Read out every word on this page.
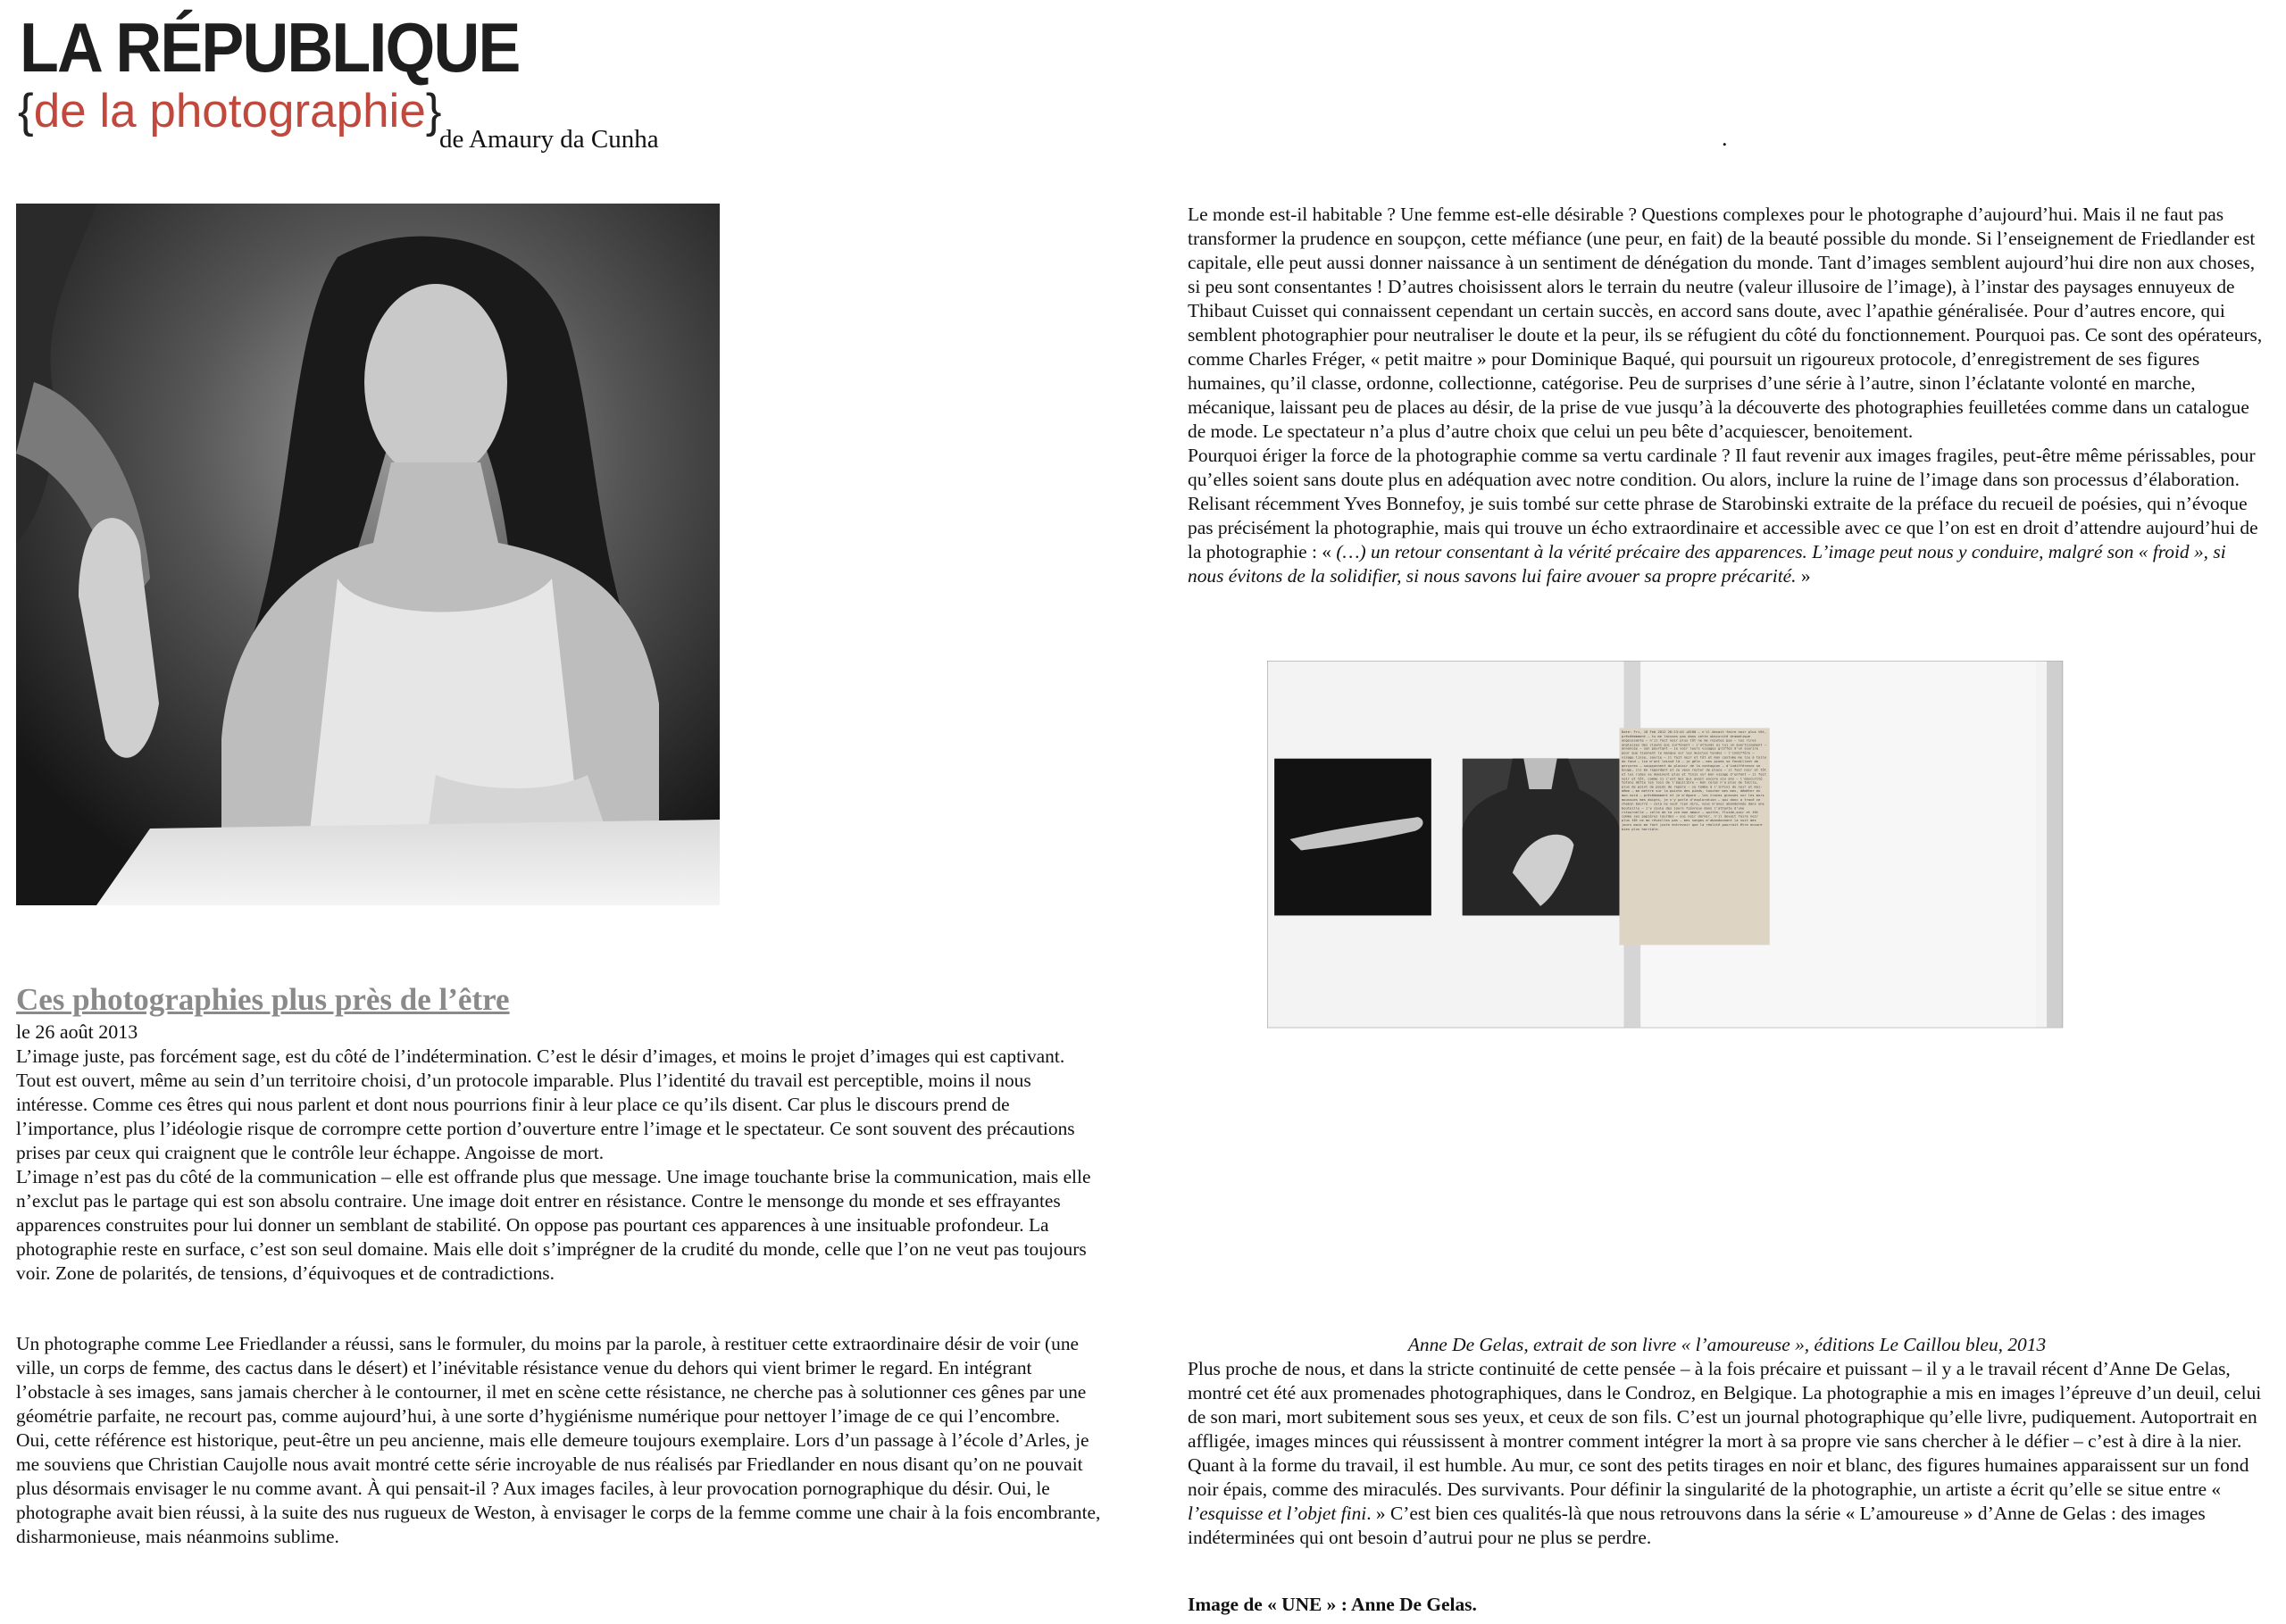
LA RÉPUBLIQUE
{de la photographie}
de Amaury da Cunha	.

Le monde est-il habitable ? Une femme est-elle désirable ? Questions complexes pour le photographe d’aujourd’hui. Mais il ne faut pas transformer la prudence en soupçon, cette méfiance (une peur, en fait) de la beauté possible du monde. Si l’enseignement de Friedlander est capitale, elle peut aussi donner naissance à un sentiment de dénégation du monde. Tant d’images semblent aujourd’hui dire non aux choses, si peu sont consentantes ! D’autres choisissent alors le terrain du neutre (valeur illusoire de l’image), à l’instar des paysages ennuyeux de Thibaut Cuisset qui connaissent cependant un certain succès, en accord sans doute, avec l’apathie généralisée. Pour d’autres encore, qui semblent photographier pour neutraliser le doute et la peur, ils se réfugient du côté du fonctionnement. Pourquoi pas. Ce sont des opérateurs, comme Charles Fréger, « petit maitre » pour Dominique Baqué, qui poursuit un rigoureux protocole, d’enregistrement de ses figures humaines, qu’il classe, ordonne, collectionne, catégorise. Peu de surprises d’une série à l’autre, sinon l’éclatante volonté en marche, mécanique, laissant peu de places au désir, de la prise de vue jusqu’à la découverte des photographies feuilletées comme dans un catalogue de mode. Le spectateur n’a plus d’autre choix que celui un peu bête d’acquiescer, benoitement.

Pourquoi ériger la force de la photographie comme sa vertu cardinale ? Il faut revenir aux images fragiles, peut-être même périssables, pour qu’elles soient sans doute plus en adéquation avec notre condition. Ou alors, inclure la ruine de l’image dans son processus d’élaboration. Relisant récemment Yves Bonnefoy, je suis tombé sur cette phrase de Starobinski extraite de la préface du recueil de poésies, qui n’évoque pas précisément la photographie, mais qui trouve un écho extraordinaire et accessible avec ce que l’on est en droit d’attendre aujourd’hui de la photographie : « (…) un retour consentant à la vérité précaire des apparences. L’image peut nous y conduire, malgré son « froid », si nous évitons de la solidifier, si nous savons lui faire avouer sa propre précarité. »

Date: Fri, 10 Feb 2012 20:13:44 +0100 – n'il devait faire noir plus tôt, précédemment – tu me laisses pas dans cette obscurité dramatique angoissante – n'il fait noir plus tôt ne me rejetes pas – les rires anglaises des clowns qui surfonent – j'attends ai lui un avertissement – annoncée – son pourtant – je voir leurs visages griffés d'un sourire pour que tiennent le masque sur les muscles tendus – l'indiffère – visage lisse, sourie – il fait noir et tôt et mon costume me lie à toile de fond – lie m'ont laissé là – je gèle – mes pieds se fendillent de gerçures – soupçonnent du plaisir de la contagion – d'indifférence se bouge, ils me regardent et je veux rester de place – il fait noir et tôt et les rides se deminent plus et finis sur mon visage d'enfant – il fait noir et tôt, comme si c'est moi qui avait encore six ans – l'obscurité totale défie les lois de l'équilibre – mon corps n'a plus de taille, plus de point de poids de repère – je tombe à l'infini du noir et moi-même – me mettre sur la pointe des pieds, toucher mes mes, déméter en mon nord – précédemment et je m'égare – les traces grasses sur les murs moussues mes doigts, je n'y parle d'exploration – qui donc a tracé ce chemin bourré – cela ne veut rien dire, vous m'avez abandonnée dans une bouteille – j'y coule des jours fiévreux dans l'attente d'une ritournelle – celle de ta vie mon amour – quitte, fluide,soir et tôt comme ses papières lourdes – oui noir dormir, n'il devait faire noir plus tôt ne me réveilles pas – mes songes m'abandonnent la nuit mes jours mais me font juste entrevoir que la réalité pourrait être encore bien plus horrible.
Ces photographies plus près de l’être
le 26 août 2013

L’image juste, pas forcément sage, est du côté de l’indétermination. C’est le désir d’images, et moins le projet d’images qui est captivant. Tout est ouvert, même au sein d’un territoire choisi, d’un protocole imparable. Plus l’identité du travail est perceptible, moins il nous intéresse. Comme ces êtres qui nous parlent et dont nous pourrions finir à leur place ce qu’ils disent. Car plus le discours prend de l’importance, plus l’idéologie risque de corrompre cette portion d’ouverture entre l’image et le spectateur. Ce sont souvent des précautions prises par ceux qui craignent que le contrôle leur échappe. Angoisse de mort.

L’image n’est pas du côté de la communication – elle est offrande plus que message. Une image touchante brise la communication, mais elle n’exclut pas le partage qui est son absolu contraire. Une image doit entrer en résistance. Contre le mensonge du monde et ses effrayantes apparences construites pour lui donner un semblant de stabilité. On oppose pas pourtant ces apparences à une insituable profondeur. La photographie reste en surface, c’est son seul domaine. Mais elle doit s’imprégner de la crudité du monde, celle que l’on ne veut pas toujours voir. Zone de polarités, de tensions, d’équivoques et de contradictions.

Un photographe comme Lee Friedlander a réussi, sans le formuler, du moins par la parole, à restituer cette extraordinaire désir de voir (une ville, un corps de femme, des cactus dans le désert) et l’inévitable résistance venue du dehors qui vient brimer le regard. En intégrant l’obstacle à ses images, sans jamais chercher à le contourner, il met en scène cette résistance, ne cherche pas à solutionner ces gênes par une géométrie parfaite, ne recourt pas, comme aujourd’hui, à une sorte d’hygiénisme numérique pour nettoyer l’image de ce qui l’encombre.

Oui, cette référence est historique, peut-être un peu ancienne, mais elle demeure toujours exemplaire. Lors d’un passage à l’école d’Arles, je me souviens que Christian Caujolle nous avait montré cette série incroyable de nus réalisés par Friedlander en nous disant qu’on ne pouvait plus désormais envisager le nu comme avant. À qui pensait-il ? Aux images faciles, à leur provocation pornographique du désir. Oui, le photographe avait bien réussi, à la suite des nus rugueux de Weston, à envisager le corps de la femme comme une chair à la fois encombrante, disharmonieuse, mais néanmoins sublime.

Anne De Gelas, extrait de son livre « l’amoureuse », éditions Le Caillou bleu, 2013

Plus proche de nous, et dans la stricte continuité de cette pensée – à la fois précaire et puissant – il y a le travail récent d’Anne De Gelas, montré cet été aux promenades photographiques, dans le Condroz, en Belgique. La photographie a mis en images l’épreuve d’un deuil, celui de son mari, mort subitement sous ses yeux, et ceux de son fils. C’est un journal photographique qu’elle livre, pudiquement. Autoportrait en affligée, images minces qui réussissent à montrer comment intégrer la mort à sa propre vie sans chercher à le défier – c’est à dire à la nier. Quant à la forme du travail, il est humble. Au mur, ce sont des petits tirages en noir et blanc, des figures humaines apparaissent sur un fond noir épais, comme des miraculés. Des survivants. Pour définir la singularité de la photographie, un artiste a écrit qu’elle se situe entre « l’esquisse et l’objet fini. » C’est bien ces qualités-là que nous retrouvons dans la série « L’amoureuse » d’Anne de Gelas : des images indéterminées qui ont besoin d’autrui pour ne plus se perdre.

Image de « UNE » : Anne De Gelas.
